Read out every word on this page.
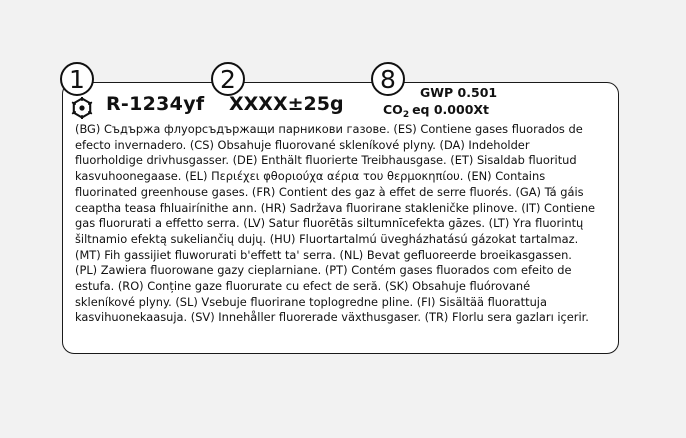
1	2	8
R-1234yf XXXX±25g
GWP 0.501
$CO_2$ eq 0.000Xt
(BG) Съдържа флуорсъдържащи парникови газове. (ES) Contiene gases fluorados de
efecto invernadero. (CS) Obsahuje fluorované skleníkové plyny. (DA) Indeholder
fluorholdige drivhusgasser. (DE) Enthält fluorierte Treibhausgase. (ET) Sisaldab fluoritud
kasvuhoonegaase. (EL) Περιέχει φθοριούχα αέρια του θερμοκηπίου. (EN) Contains
fluorinated greenhouse gases. (FR) Contient des gaz à effet de serre fluorés. (GA) Tá gáis
ceaptha teasa fhluairínithe ann. (HR) Sadržava fluorirane stakleničke plinove. (IT) Contiene
gas fluorurati a effetto serra. (LV) Satur fluorētās siltumnīcefekta gāzes. (LT) Yra fluorintų
šiltnamio efektą sukeliančių dujų. (HU) Fluortartalmú üvegházhatású gázokat tartalmaz.
(MT) Fih gassijiet fluworurati b'effett ta' serra. (NL) Bevat gefluoreerde broeikasgassen.
(PL) Zawiera fluorowane gazy cieplarniane. (PT) Contém gases fluorados com efeito de
estufa. (RO) Conține gaze fluorurate cu efect de seră. (SK) Obsahuje fluórované
skleníkové plyny. (SL) Vsebuje fluorirane toplogredne pline. (FI) Sisältää fluorattuja
kasvihuonekaasuja. (SV) Innehåller fluorerade växthusgaser. (TR) Florlu sera gazları içerir.
